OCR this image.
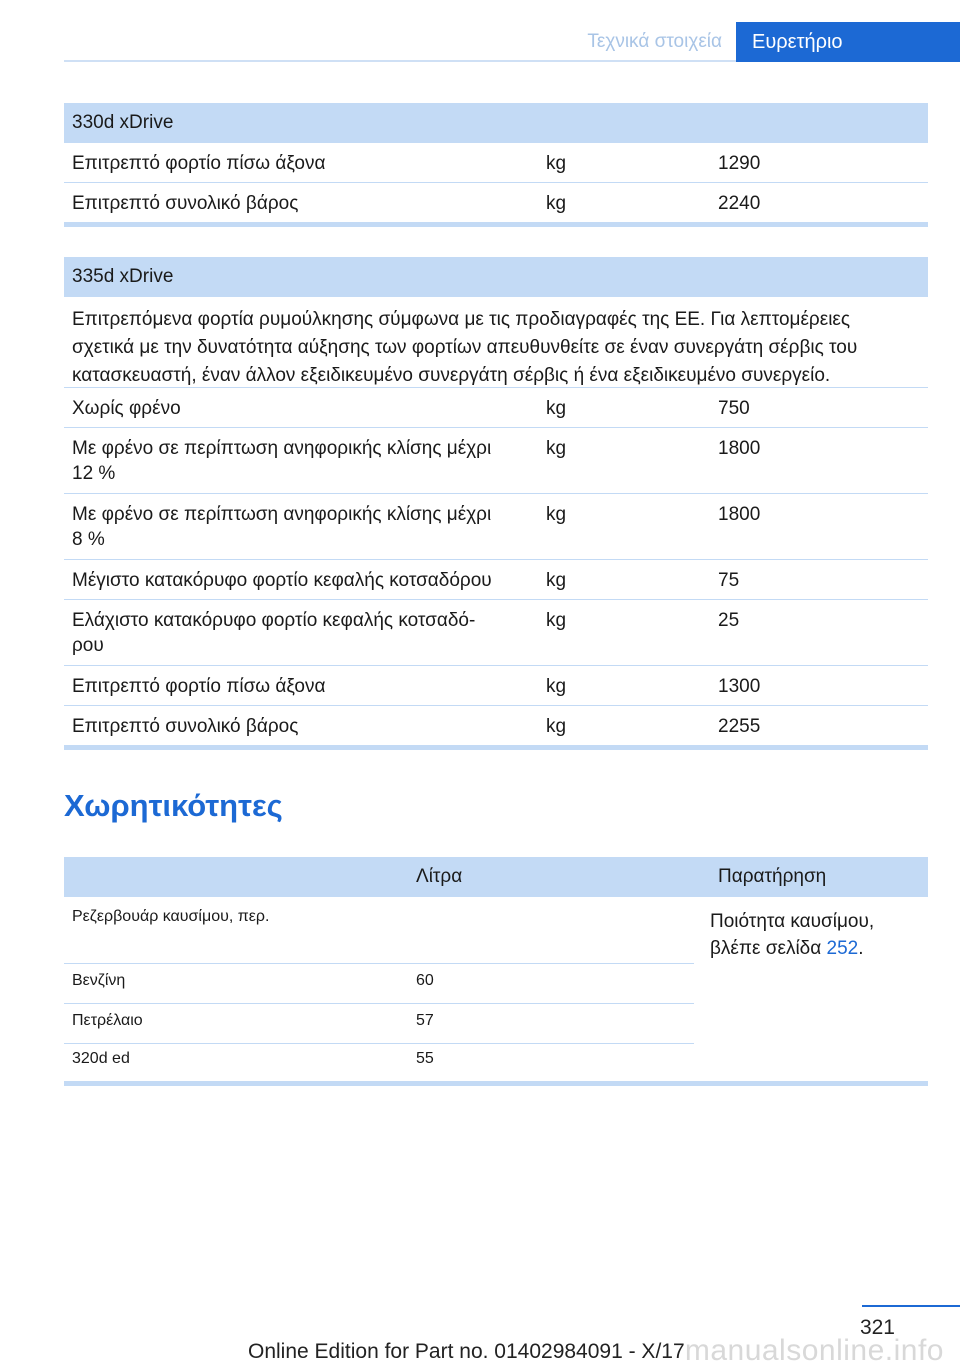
Τεχνικά στοιχεία	Ευρετήριο
330d xDrive
Επιτρεπτό φορτίο πίσω άξονα	kg	1290
Επιτρεπτό συνολικό βάρος	kg	2240
335d xDrive
Επιτρεπόμενα φορτία ρυμούλκησης σύμφωνα με τις προδιαγραφές της ΕΕ. Για λεπτομέρειες
σχετικά με την δυνατότητα αύξησης των φορτίων απευθυνθείτε σε έναν συνεργάτη σέρβις του
κατασκευαστή, έναν άλλον εξειδικευμένο συνεργάτη σέρβις ή ένα εξειδικευμένο συνεργείο.
Χωρίς φρένο	kg	750
Με φρένο σε περίπτωση ανηφορικής κλίσης μέχρι
12 %
kg	1800
Με φρένο σε περίπτωση ανηφορικής κλίσης μέχρι
8 %
kg	1800
Μέγιστο κατακόρυφο φορτίο κεφαλής κοτσαδόρου	kg	75
Ελάχιστο κατακόρυφο φορτίο κεφαλής κοτσαδό-
ρου
kg	25
Επιτρεπτό φορτίο πίσω άξονα	kg	1300
Επιτρεπτό συνολικό βάρος	kg	2255
Χωρητικότητες
Λίτρα	Παρατήρηση
Ρεζερβουάρ καυσίμου, περ.
Βενζίνη	60
Πετρέλαιο	57
320d ed	55
Ποιότητα καυσίμου,
βλέπε σελίδα 252.
321
Online Edition for Part no. 01402984091 - X/17 manualsonline.info
